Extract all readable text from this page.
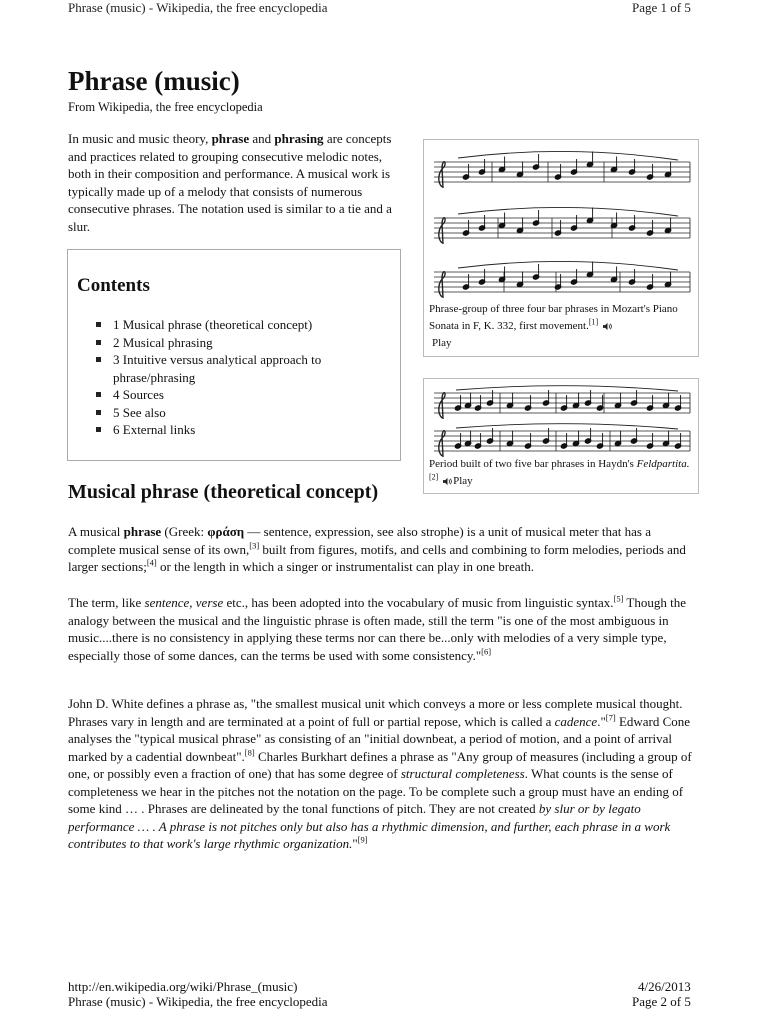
Phrase (music) - Wikipedia, the free encyclopedia	Page 1 of 5
Phrase (music)
From Wikipedia, the free encyclopedia
In music and music theory, phrase and phrasing are concepts and practices related to grouping consecutive melodic notes, both in their composition and performance. A musical work is typically made up of a melody that consists of numerous consecutive phrases. The notation used is similar to a tie and a slur.
Contents
1 Musical phrase (theoretical concept)
2 Musical phrasing
3 Intuitive versus analytical approach to phrase/phrasing
4 Sources
5 See also
6 External links
Phrase-group of three four bar phrases in Mozart's Piano Sonata in F, K. 332, first movement.[1]
Play
Period built of two five bar phrases in Haydn's Feldpartita.[2] Play
Musical phrase (theoretical concept)
A musical phrase (Greek: φράση — sentence, expression, see also strophe) is a unit of musical meter that has a complete musical sense of its own,[3] built from figures, motifs, and cells and combining to form melodies, periods and larger sections;[4] or the length in which a singer or instrumentalist can play in one breath.
The term, like sentence, verse etc., has been adopted into the vocabulary of music from linguistic syntax.[5] Though the analogy between the musical and the linguistic phrase is often made, still the term "is one of the most ambiguous in music....there is no consistency in applying these terms nor can there be...only with melodies of a very simple type, especially those of some dances, can the terms be used with some consistency."[6]
John D. White defines a phrase as, "the smallest musical unit which conveys a more or less complete musical thought. Phrases vary in length and are terminated at a point of full or partial repose, which is called a cadence."[7] Edward Cone analyses the "typical musical phrase" as consisting of an "initial downbeat, a period of motion, and a point of arrival marked by a cadential downbeat".[8] Charles Burkhart defines a phrase as "Any group of measures (including a group of one, or possibly even a fraction of one) that has some degree of structural completeness. What counts is the sense of completeness we hear in the pitches not the notation on the page. To be complete such a group must have an ending of some kind … . Phrases are delineated by the tonal functions of pitch. They are not created by slur or by legato performance … . A phrase is not pitches only but also has a rhythmic dimension, and further, each phrase in a work contributes to that work's large rhythmic organization."[9]
http://en.wikipedia.org/wiki/Phrase_(music)	4/26/2013
Phrase (music) - Wikipedia, the free encyclopedia	Page 2 of 5
